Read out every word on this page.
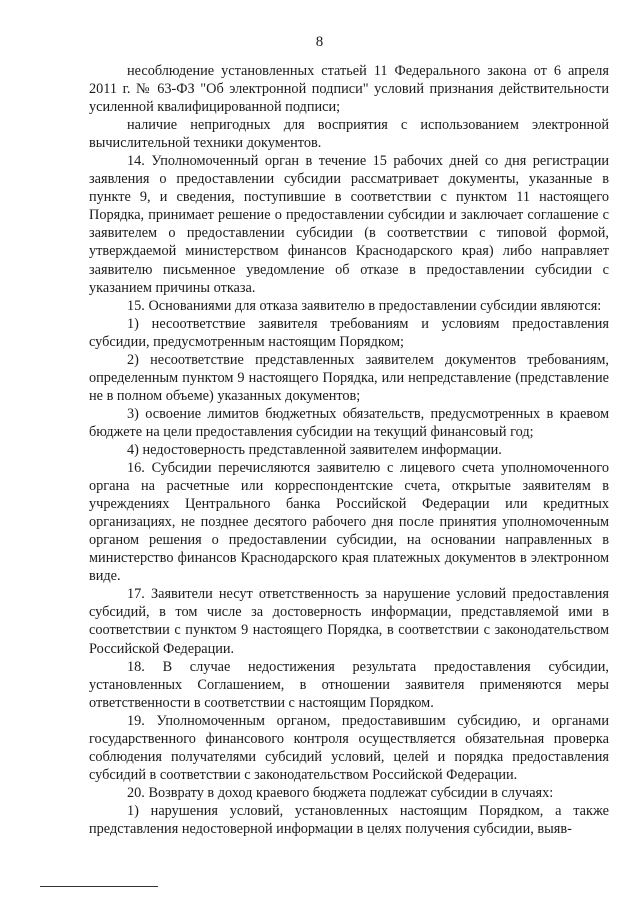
8

несоблюдение установленных статьей 11 Федерального закона от 6 апреля 2011 г. № 63-ФЗ "Об электронной подписи" условий признания действительности усиленной квалифицированной подписи;

наличие непригодных для восприятия с использованием электронной вычислительной техники документов.

14. Уполномоченный орган в течение 15 рабочих дней со дня регистрации заявления о предоставлении субсидии рассматривает документы, указанные в пункте 9, и сведения, поступившие в соответствии с пунктом 11 настоящего Порядка, принимает решение о предоставлении субсидии и заключает соглашение с заявителем о предоставлении субсидии (в соответствии с типовой формой, утверждаемой министерством финансов Краснодарского края) либо направляет заявителю письменное уведомление об отказе в предоставлении субсидии с указанием причины отказа.

15. Основаниями для отказа заявителю в предоставлении субсидии являются:

1) несоответствие заявителя требованиям и условиям предоставления субсидии, предусмотренным настоящим Порядком;

2) несоответствие представленных заявителем документов требованиям, определенным пунктом 9 настоящего Порядка, или непредставление (представление не в полном объеме) указанных документов;

3) освоение лимитов бюджетных обязательств, предусмотренных в краевом бюджете на цели предоставления субсидии на текущий финансовый год;

4) недостоверность представленной заявителем информации.

16. Субсидии перечисляются заявителю с лицевого счета уполномоченного органа на расчетные или корреспондентские счета, открытые заявителям в учреждениях Центрального банка Российской Федерации или кредитных организациях, не позднее десятого рабочего дня после принятия уполномоченным органом решения о предоставлении субсидии, на основании направленных в министерство финансов Краснодарского края платежных документов в электронном виде.

17. Заявители несут ответственность за нарушение условий предоставления субсидий, в том числе за достоверность информации, представляемой ими в соответствии с пунктом 9 настоящего Порядка, в соответствии с законодательством Российской Федерации.

18. В случае недостижения результата предоставления субсидии, установленных Соглашением, в отношении заявителя применяются меры ответственности в соответствии с настоящим Порядком.

19. Уполномоченным органом, предоставившим субсидию, и органами государственного финансового контроля осуществляется обязательная проверка соблюдения получателями субсидий условий, целей и порядка предоставления субсидий в соответствии с законодательством Российской Федерации.

20. Возврату в доход краевого бюджета подлежат субсидии в случаях:

1) нарушения условий, установленных настоящим Порядком, а также представления недостоверной информации в целях получения субсидии, выяв-
